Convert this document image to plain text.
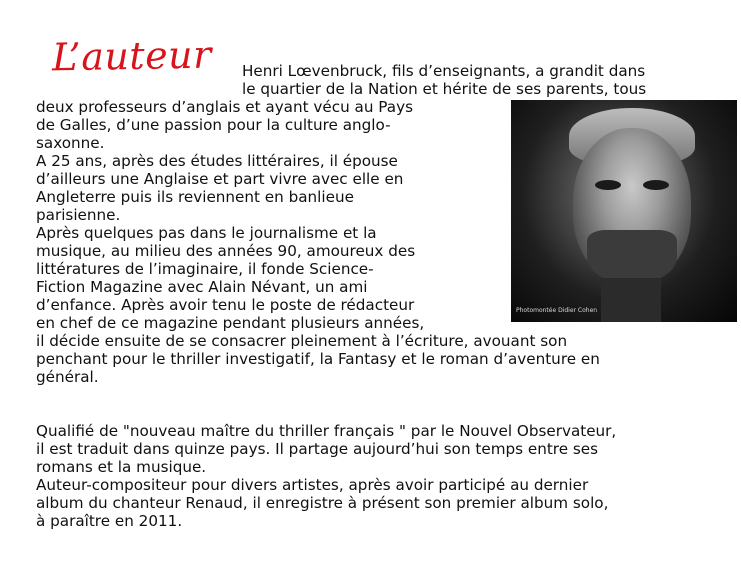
L’auteur
Photomontée Didier Cohen
Henri Lœvenbruck, fils d’enseignants, a grandit dans
le quartier de la Nation et hérite de ses parents, tous
deux professeurs d’anglais et ayant vécu au Pays
de Galles, d’une passion pour la culture anglo-
saxonne.
A 25 ans, après des études littéraires, il épouse
d’ailleurs une Anglaise et part vivre avec elle en
Angleterre puis ils reviennent en banlieue
parisienne.
Après quelques pas dans le journalisme et la
musique, au milieu des années 90, amoureux des
littératures de l’imaginaire, il fonde Science-
Fiction Magazine avec Alain Névant, un ami
d’enfance. Après avoir tenu le poste de rédacteur
en chef de ce magazine pendant plusieurs années,
il décide ensuite de se consacrer pleinement à l’écriture, avouant son
penchant pour le thriller investigatif, la Fantasy et le roman d’aventure en
général.
Qualifié de "nouveau maître du thriller français " par le Nouvel Observateur,
il est traduit dans quinze pays. Il partage aujourd’hui son temps entre ses
romans et la musique.
Auteur-compositeur pour divers artistes, après avoir participé au dernier
album du chanteur Renaud, il enregistre à présent son premier album solo,
à paraître en 2011.
